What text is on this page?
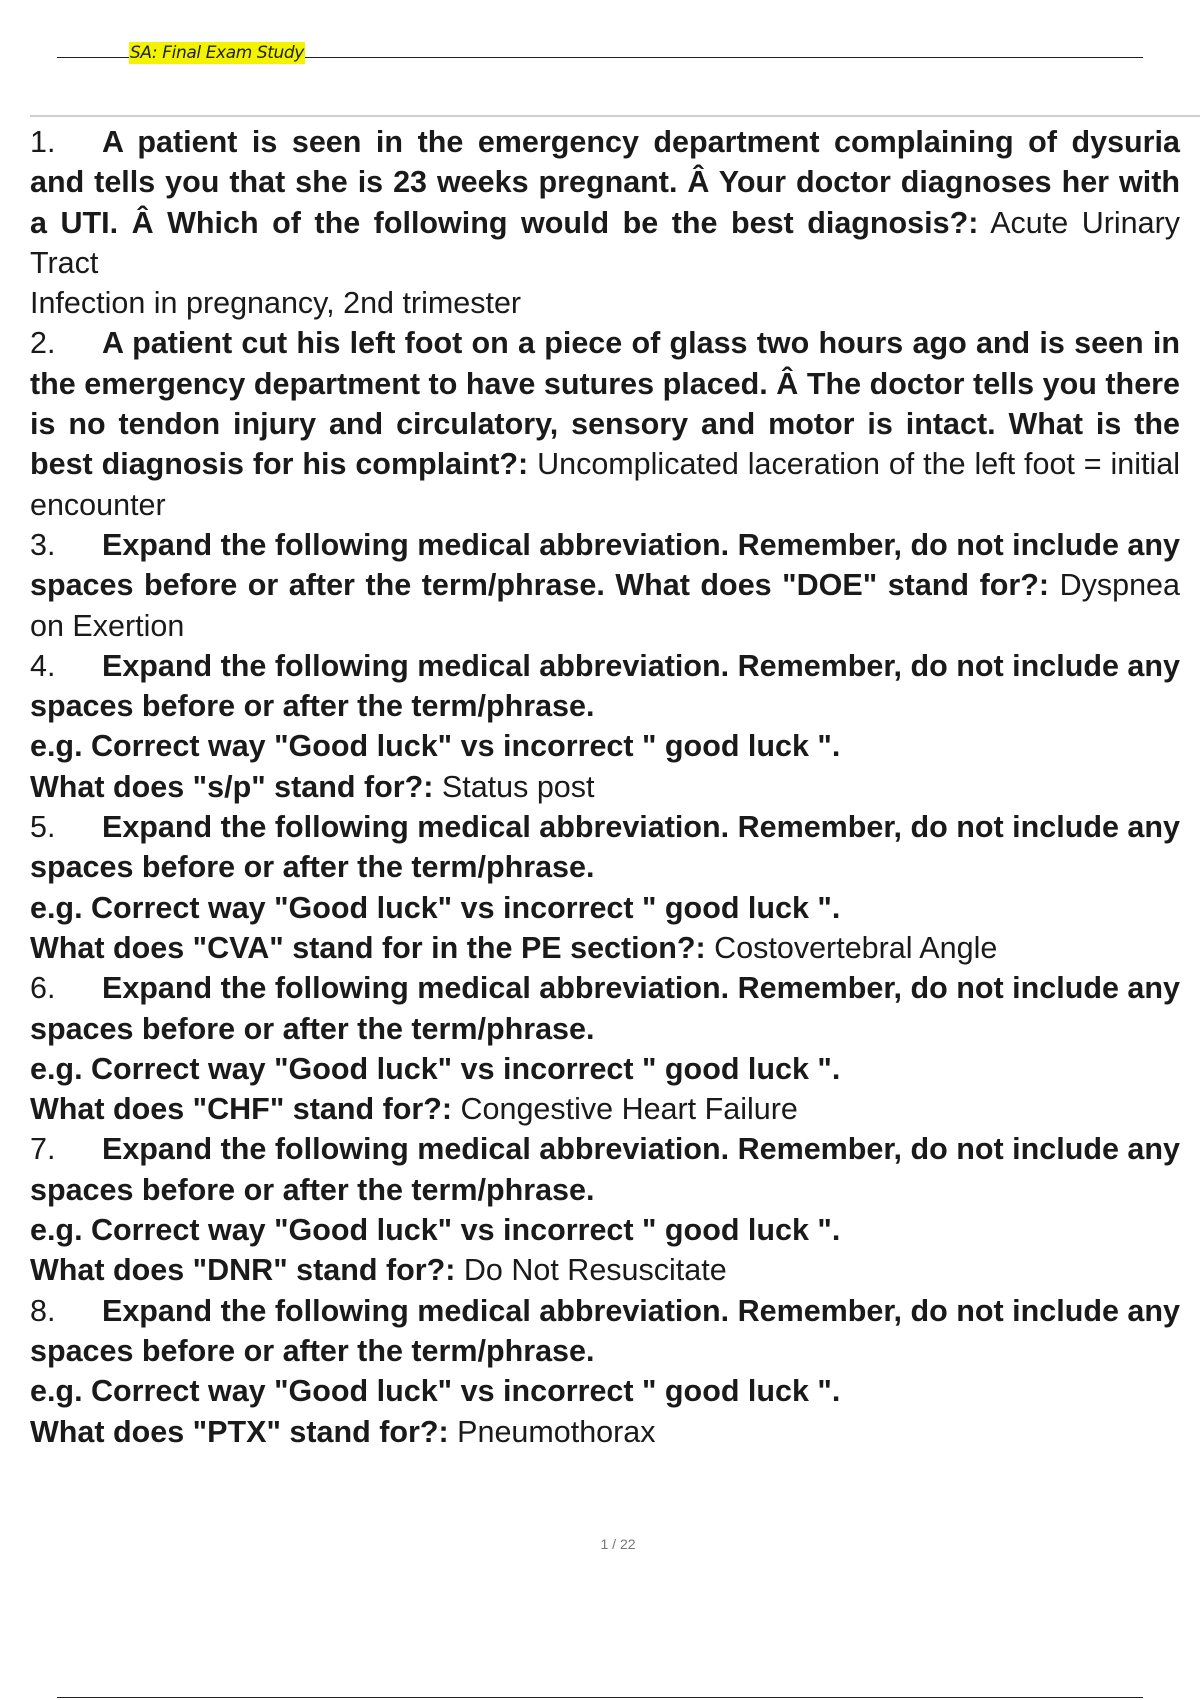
SA: Final Exam Study
1. A patient is seen in the emergency department complaining of dysuria and tells you that she is 23 weeks pregnant. Â Your doctor diagnoses her with a UTI. Â Which of the following would be the best diagnosis?: Acute Urinary Tract
Infection in pregnancy, 2nd trimester
2. A patient cut his left foot on a piece of glass two hours ago and is seen in the emergency department to have sutures placed. Â The doctor tells you there is no tendon injury and circulatory, sensory and motor is intact. What is the best diagnosis for his complaint?: Uncomplicated laceration of the left foot = initial encounter
3. Expand the following medical abbreviation. Remember, do not include any spaces before or after the term/phrase. What does "DOE" stand for?: Dyspnea on Exertion
4. Expand the following medical abbreviation. Remember, do not include any spaces before or after the term/phrase.
e.g. Correct way "Good luck" vs incorrect " good luck ".
What does "s/p" stand for?: Status post
5. Expand the following medical abbreviation. Remember, do not include any spaces before or after the term/phrase.
e.g. Correct way "Good luck" vs incorrect " good luck ".
What does "CVA" stand for in the PE section?: Costovertebral Angle
6. Expand the following medical abbreviation. Remember, do not include any spaces before or after the term/phrase.
e.g. Correct way "Good luck" vs incorrect " good luck ".
What does "CHF" stand for?: Congestive Heart Failure
7. Expand the following medical abbreviation. Remember, do not include any spaces before or after the term/phrase.
e.g. Correct way "Good luck" vs incorrect " good luck ".
What does "DNR" stand for?: Do Not Resuscitate
8. Expand the following medical abbreviation. Remember, do not include any spaces before or after the term/phrase.
e.g. Correct way "Good luck" vs incorrect " good luck ".
What does "PTX" stand for?: Pneumothorax
1 / 22
